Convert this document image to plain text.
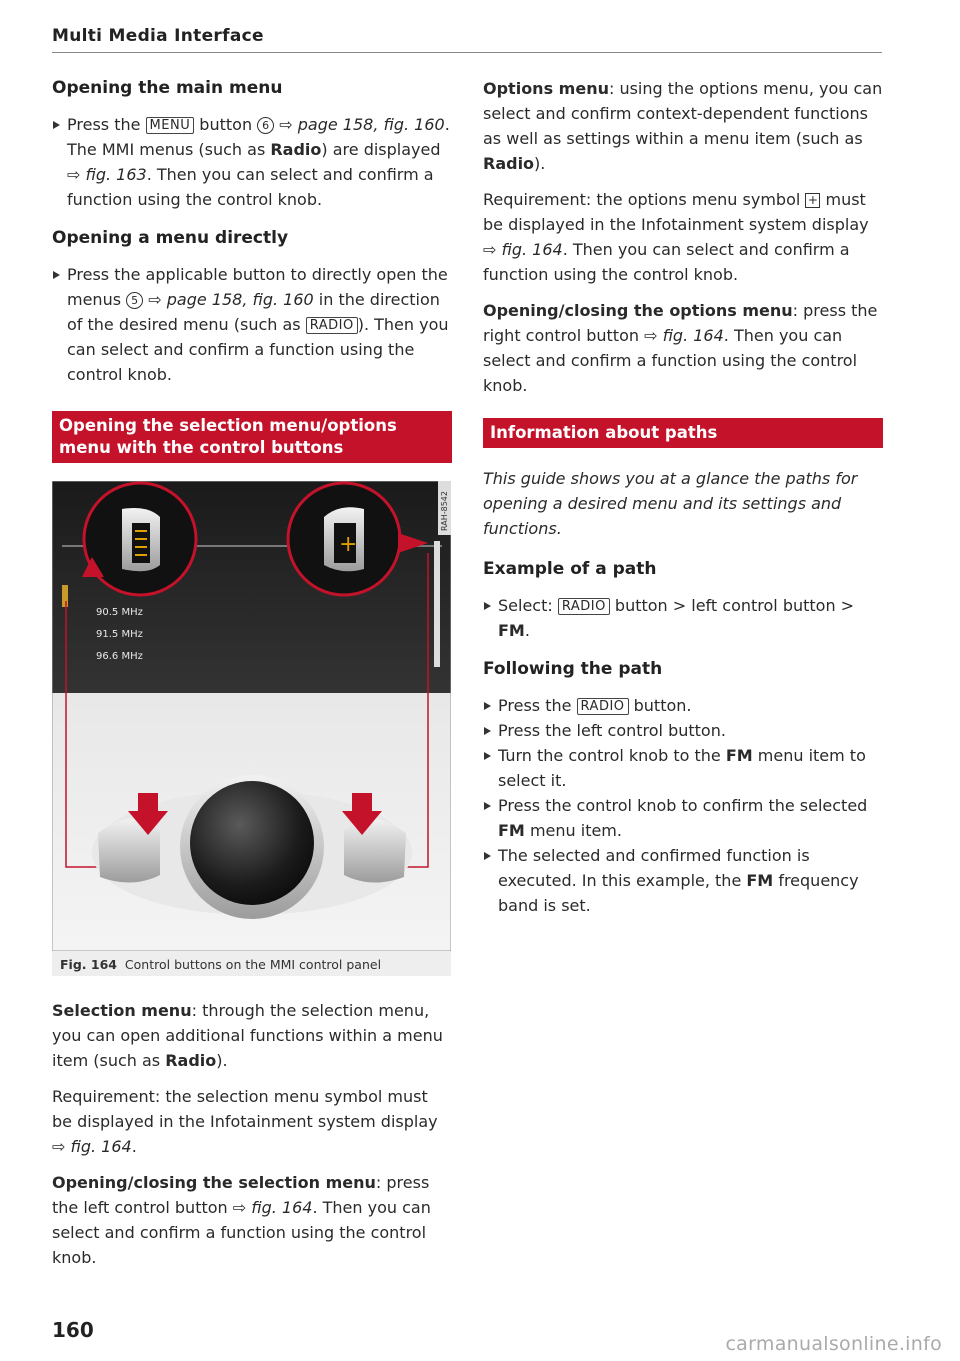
Multi Media Interface
Opening the main menu
Press the MENU button 6 ⇨ page 158, fig. 160. The MMI menus (such as Radio) are displayed ⇨ fig. 163. Then you can select and confirm a function using the control knob.
Opening a menu directly
Press the applicable button to directly open the menus 5 ⇨ page 158, fig. 160 in the direction of the desired menu (such as RADIO ). Then you can select and confirm a function using the control knob.
Opening the selection menu/options menu with the control buttons
90.5 MHz
91.5 MHz
96.6 MHz
+
RAH-8542
Fig. 164 Control buttons on the MMI control panel

Selection menu: through the selection menu, you can open additional functions within a menu item (such as Radio).

Requirement: the selection menu symbol must be displayed in the Infotainment system display ⇨ fig. 164.

Opening/closing the selection menu: press the left control button ⇨ fig. 164. Then you can select and confirm a function using the control knob.

Options menu: using the options menu, you can select and confirm context-dependent functions as well as settings within a menu item (such as Radio).

Requirement: the options menu symbol + must be displayed in the Infotainment system display ⇨ fig. 164. Then you can select and confirm a function using the control knob.

Opening/closing the options menu: press the right control button ⇨ fig. 164. Then you can select and confirm a function using the control knob.

Information about paths

This guide shows you at a glance the paths for opening a desired menu and its settings and functions.

Example of a path
Select: RADIO button > left control button > FM.
Following the path
Press the RADIO button.
Press the left control button.
Turn the control knob to the FM menu item to select it.
Press the control knob to confirm the selected FM menu item.
The selected and confirmed function is executed. In this example, the FM frequency band is set.
160
carmanualsonline.info
